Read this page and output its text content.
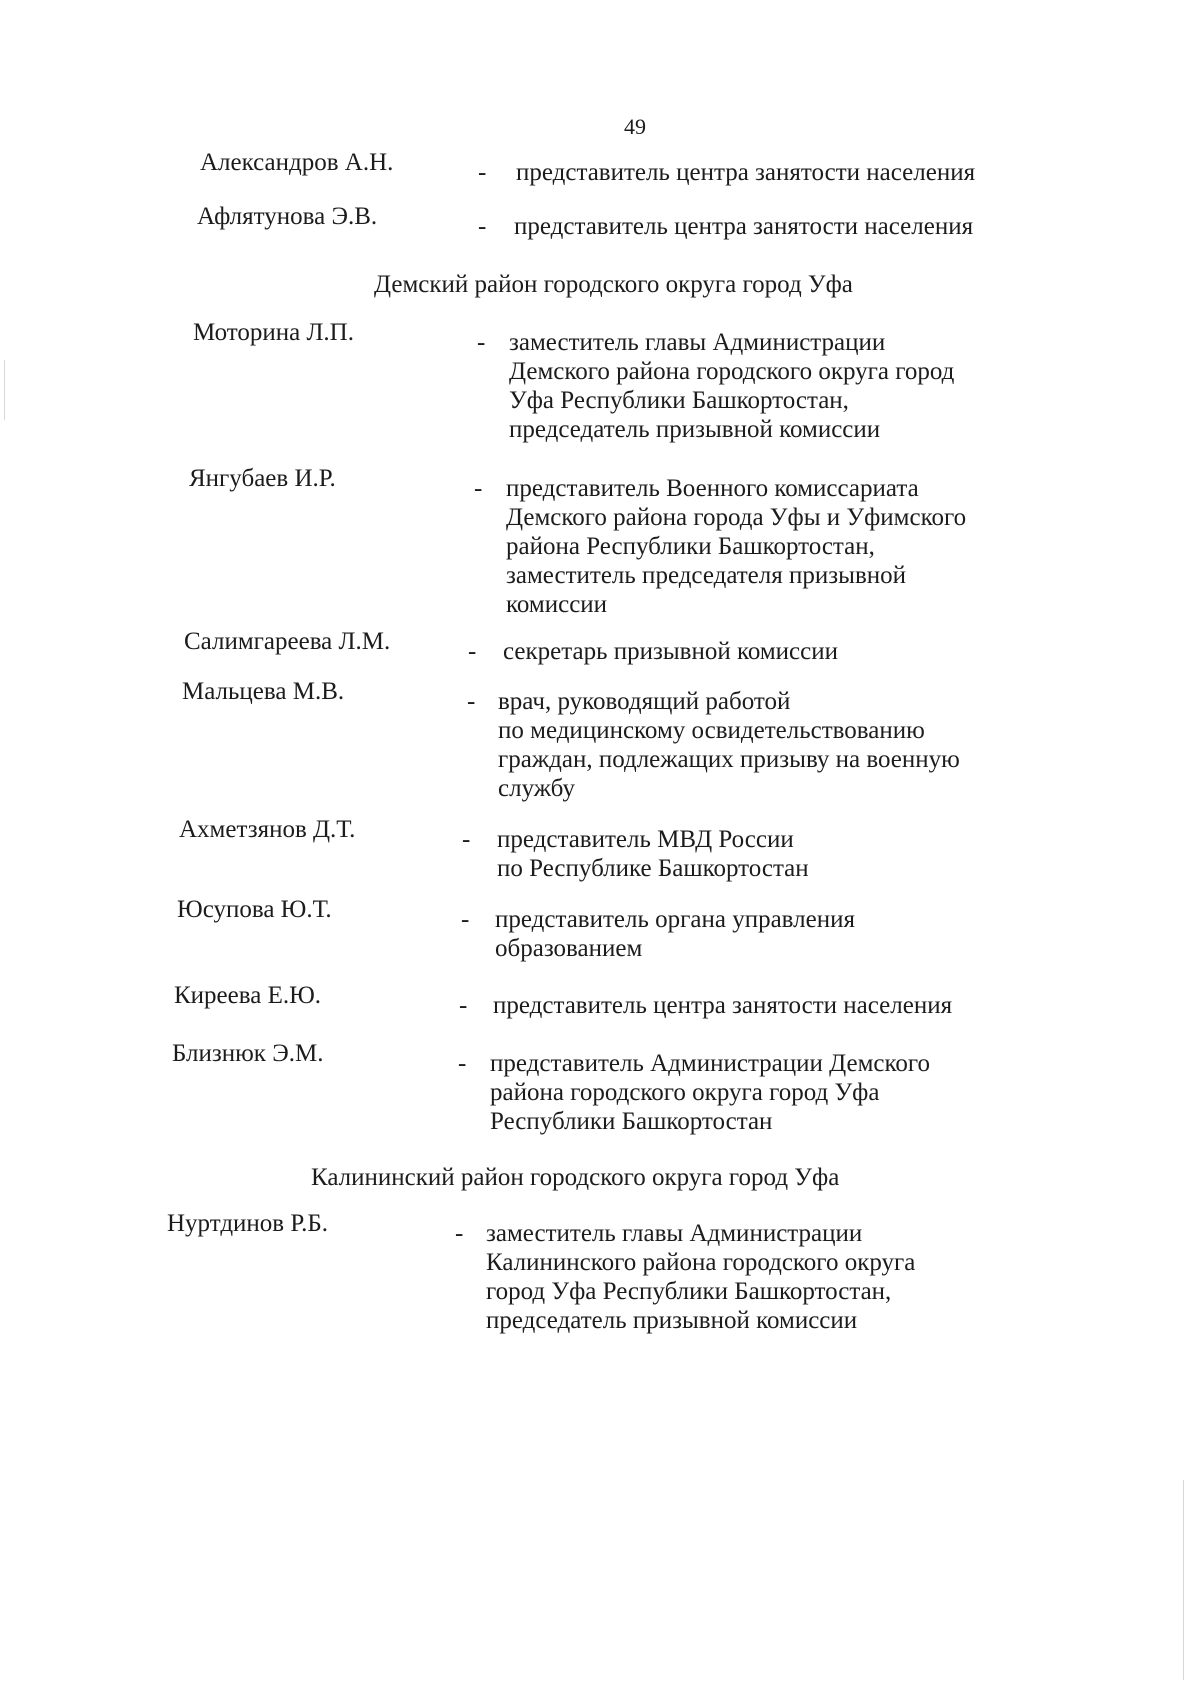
49
Александров А.Н.	- представитель центра занятости населения
Афлятунова Э.В.	- представитель центра занятости населения
Демский район городского округа город Уфа
Моторина Л.П.	- заместитель главы Администрации
Демского района городского округа город
Уфа Республики Башкортостан,
председатель призывной комиссии
Янгубаев И.Р.	- представитель Военного комиссариата
Демского района города Уфы и Уфимского
района Республики Башкортостан,
заместитель председателя призывной
комиссии
Салимгареева Л.М.	- секретарь призывной комиссии
Мальцева М.В.	- врач, руководящий работой
по медицинскому освидетельствованию
граждан, подлежащих призыву на военную
службу
Ахметзянов Д.Т.	- представитель МВД России
по Республике Башкортостан
Юсупова Ю.Т.	- представитель органа управления
образованием
Киреева Е.Ю.	- представитель центра занятости населения
Близнюк Э.М.	- представитель Администрации Демского
района городского округа город Уфа
Республики Башкортостан
Калининский район городского округа город Уфа
Нуртдинов Р.Б.	- заместитель главы Администрации
Калининского района городского округа
город Уфа Республики Башкортостан,
председатель призывной комиссии
